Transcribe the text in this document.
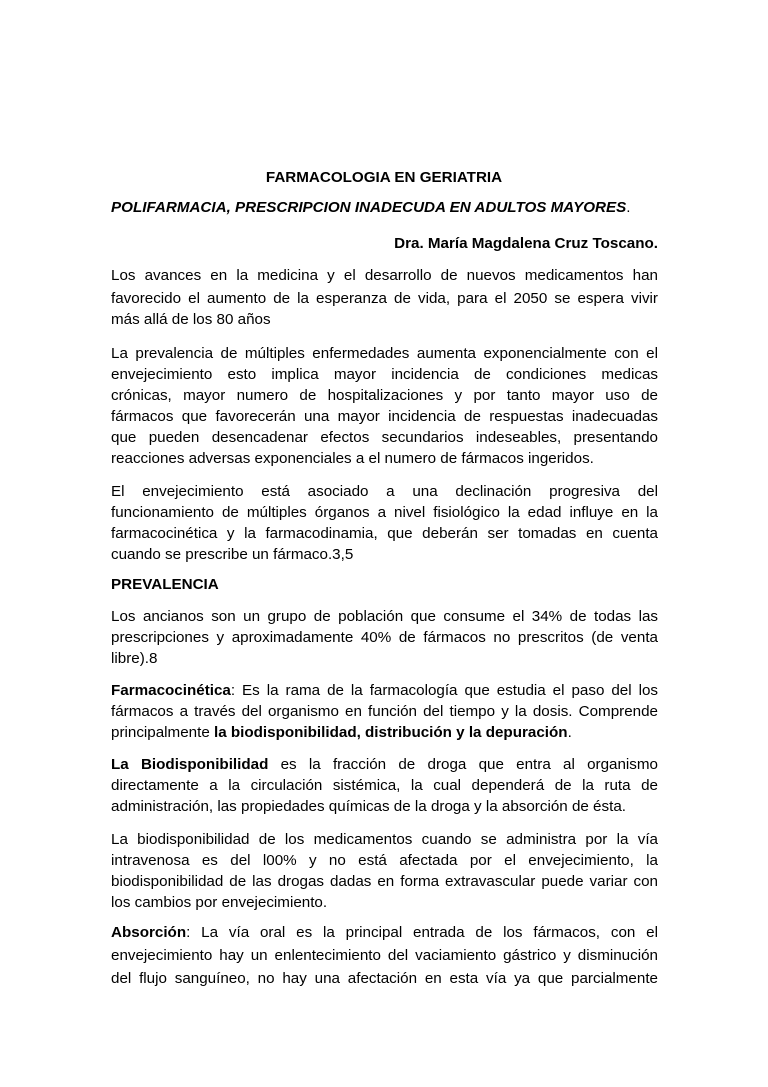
FARMACOLOGIA EN GERIATRIA
POLIFARMACIA, PRESCRIPCION INADECUDA EN ADULTOS MAYORES.
Dra. María Magdalena Cruz Toscano.
Los avances en la medicina y el desarrollo de nuevos medicamentos han
favorecido el aumento de la esperanza de vida, para el 2050 se espera vivir
más allá de los 80 años
La prevalencia de múltiples enfermedades aumenta exponencialmente con el
envejecimiento esto implica mayor incidencia de condiciones medicas
crónicas, mayor numero de hospitalizaciones y por tanto mayor uso de
fármacos que favorecerán una mayor incidencia de respuestas inadecuadas
que pueden desencadenar efectos secundarios indeseables, presentando
reacciones adversas exponenciales a el numero de fármacos ingeridos.
El envejecimiento está asociado a una declinación progresiva del
funcionamiento de múltiples órganos a nivel fisiológico la edad influye en la
farmacocinética y la farmacodinamia, que deberán ser tomadas en cuenta
cuando se prescribe un fármaco.3,5
PREVALENCIA
Los ancianos son un grupo de población que consume el 34% de todas las
prescripciones y aproximadamente 40% de fármacos no prescritos (de venta
libre).8
Farmacocinética: Es la rama de la farmacología que estudia el paso del los
fármacos a través del organismo en función del tiempo y la dosis. Comprende
principalmente la biodisponibilidad, distribución y la depuración.
La Biodisponibilidad es la fracción de droga que entra al organismo
directamente a la circulación sistémica, la cual dependerá de la ruta de
administración, las propiedades químicas de la droga y la absorción de ésta.
La biodisponibilidad de los medicamentos cuando se administra por la vía
intravenosa es del l00% y no está afectada por el envejecimiento, la
biodisponibilidad de las drogas dadas en forma extravascular puede variar con
los cambios por envejecimiento.
Absorción: La vía oral es la principal entrada de los fármacos, con el
envejecimiento hay un enlentecimiento del vaciamiento gástrico y disminución
del flujo sanguíneo, no hay una afectación en esta vía ya que parcialmente
